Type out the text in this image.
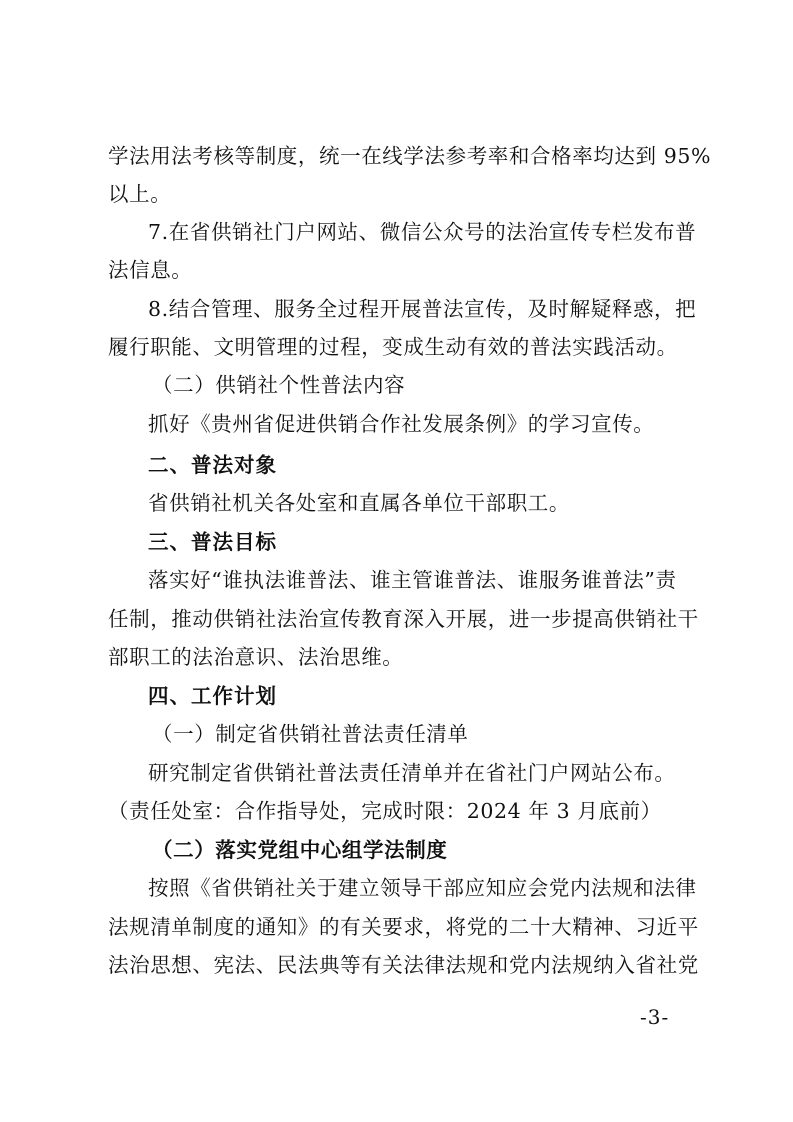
学法用法考核等制度，统一在线学法参考率和合格率均达到 95%
以上。
7.在省供销社门户网站、微信公众号的法治宣传专栏发布普
法信息。
8.结合管理、服务全过程开展普法宣传，及时解疑释惑，把
履行职能、文明管理的过程，变成生动有效的普法实践活动。
（二）供销社个性普法内容
抓好《贵州省促进供销合作社发展条例》的学习宣传。
二、普法对象
省供销社机关各处室和直属各单位干部职工。
三、普法目标
落实好“谁执法谁普法、谁主管谁普法、谁服务谁普法”责
任制，推动供销社法治宣传教育深入开展，进一步提高供销社干
部职工的法治意识、法治思维。
四、工作计划
（一）制定省供销社普法责任清单
研究制定省供销社普法责任清单并在省社门户网站公布。
（责任处室：合作指导处，完成时限：2024 年 3 月底前）
（二）落实党组中心组学法制度
按照《省供销社关于建立领导干部应知应会党内法规和法律
法规清单制度的通知》的有关要求，将党的二十大精神、习近平
法治思想、宪法、民法典等有关法律法规和党内法规纳入省社党
-3-
